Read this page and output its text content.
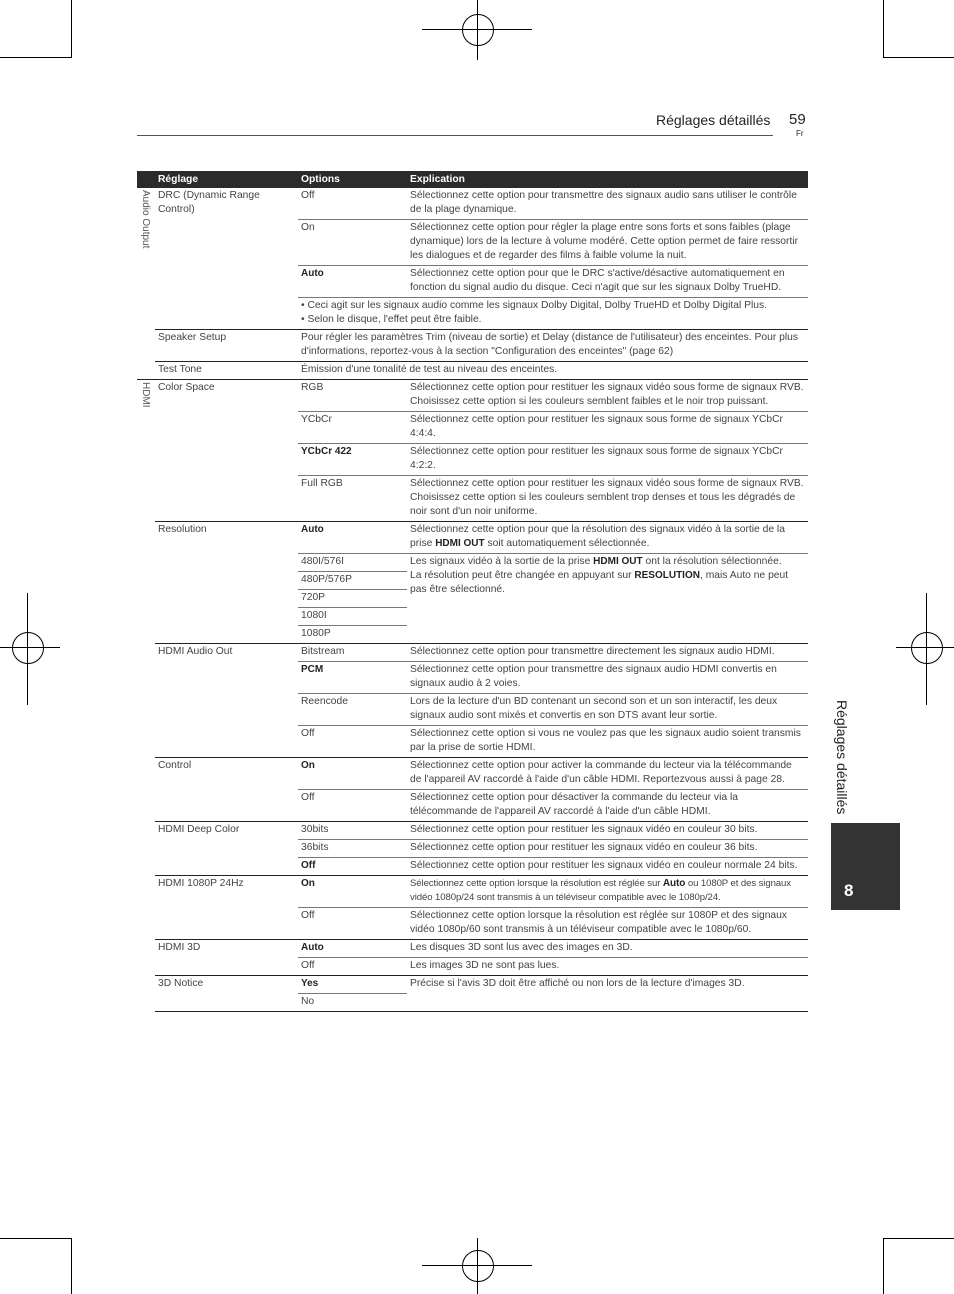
Réglages détaillés 59
Fr
Réglages détaillés
8
	Réglage	Options	Explication

Audio Output	DRC (Dynamic Range Control)	Off	Sélectionnez cette option pour transmettre des signaux audio sans utiliser le contrôle de la plage dynamique.
		On	Sélectionnez cette option pour régler la plage entre sons forts et sons faibles (plage dynamique) lors de la lecture à volume modéré. Cette option permet de faire ressortir les dialogues et de regarder des films à faible volume la nuit.
		Auto	Sélectionnez cette option pour que le DRC s'active/désactive automatiquement en fonction du signal audio du disque. Ceci n'agit que sur les signaux Dolby TrueHD.

		• Ceci agit sur les signaux audio comme les signaux Dolby Digital, Dolby TrueHD et Dolby Digital Plus.
• Selon le disque, l'effet peut être faible.	

	Speaker Setup	Pour régler les paramètres Trim (niveau de sortie) et Delay (distance de l'utilisateur) des enceintes. Pour plus d'informations, reportez-vous à la section "Configuration des enceintes" (page 62)	
	Test Tone	Émission d'une tonalité de test au niveau des enceintes.	

HDMI	Color Space	RGB	Sélectionnez cette option pour restituer les signaux vidéo sous forme de signaux RVB. Choisissez cette option si les couleurs semblent faibles et le noir trop puissant.
		YCbCr	Sélectionnez cette option pour restituer les signaux sous forme de signaux YCbCr 4:4:4.
		YCbCr 422	Sélectionnez cette option pour restituer les signaux sous forme de signaux YCbCr 4:2:2.
		Full RGB	Sélectionnez cette option pour restituer les signaux vidéo sous forme de signaux RVB. Choisissez cette option si les couleurs semblent trop denses et tous les dégradés de noir sont d'un noir uniforme.
	Resolution	Auto	Sélectionnez cette option pour que la résolution des signaux vidéo à la sortie de la prise HDMI OUT soit automatiquement sélectionnée.
		480I/576I	Les signaux vidéo à la sortie de la prise HDMI OUT ont la résolution sélectionnée.
La résolution peut être changée en appuyant sur RESOLUTION, mais Auto ne peut pas être sélectionné.
		480P/576P	
		720P	
		1080I	
		1080P	
	HDMI Audio Out	Bitstream	Sélectionnez cette option pour transmettre directement les signaux audio HDMI.
		PCM	Sélectionnez cette option pour transmettre des signaux audio HDMI convertis en signaux audio à 2 voies.
		Reencode	Lors de la lecture d'un BD contenant un second son et un son interactif, les deux signaux audio sont mixés et convertis en son DTS avant leur sortie.
		Off	Sélectionnez cette option si vous ne voulez pas que les signaux audio soient transmis par la prise de sortie HDMI.
	Control	On	Sélectionnez cette option pour activer la commande du lecteur via la télécommande de l'appareil AV raccordé à l'aide d'un câble HDMI. Reportezvous aussi à page 28.
		Off	Sélectionnez cette option pour désactiver la commande du lecteur via la télécommande de l'appareil AV raccordé à l'aide d'un câble HDMI.
	HDMI Deep Color	30bits	Sélectionnez cette option pour restituer les signaux vidéo en couleur 30 bits.
		36bits	Sélectionnez cette option pour restituer les signaux vidéo en couleur 36 bits.
		Off	Sélectionnez cette option pour restituer les signaux vidéo en couleur normale 24 bits.
	HDMI 1080P 24Hz	On	Sélectionnez cette option lorsque la résolution est réglée sur Auto ou 1080P et des signaux vidéo 1080p/24 sont transmis à un téléviseur compatible avec le 1080p/24.
		Off	Sélectionnez cette option lorsque la résolution est réglée sur 1080P et des signaux vidéo 1080p/60 sont transmis à un téléviseur compatible avec le 1080p/60.
	HDMI 3D	Auto	Les disques 3D sont lus avec des images en 3D.
		Off	Les images 3D ne sont pas lues.
	3D Notice	Yes	Précise si l'avis 3D doit être affiché ou non lors de la lecture d'images 3D.
		No	
